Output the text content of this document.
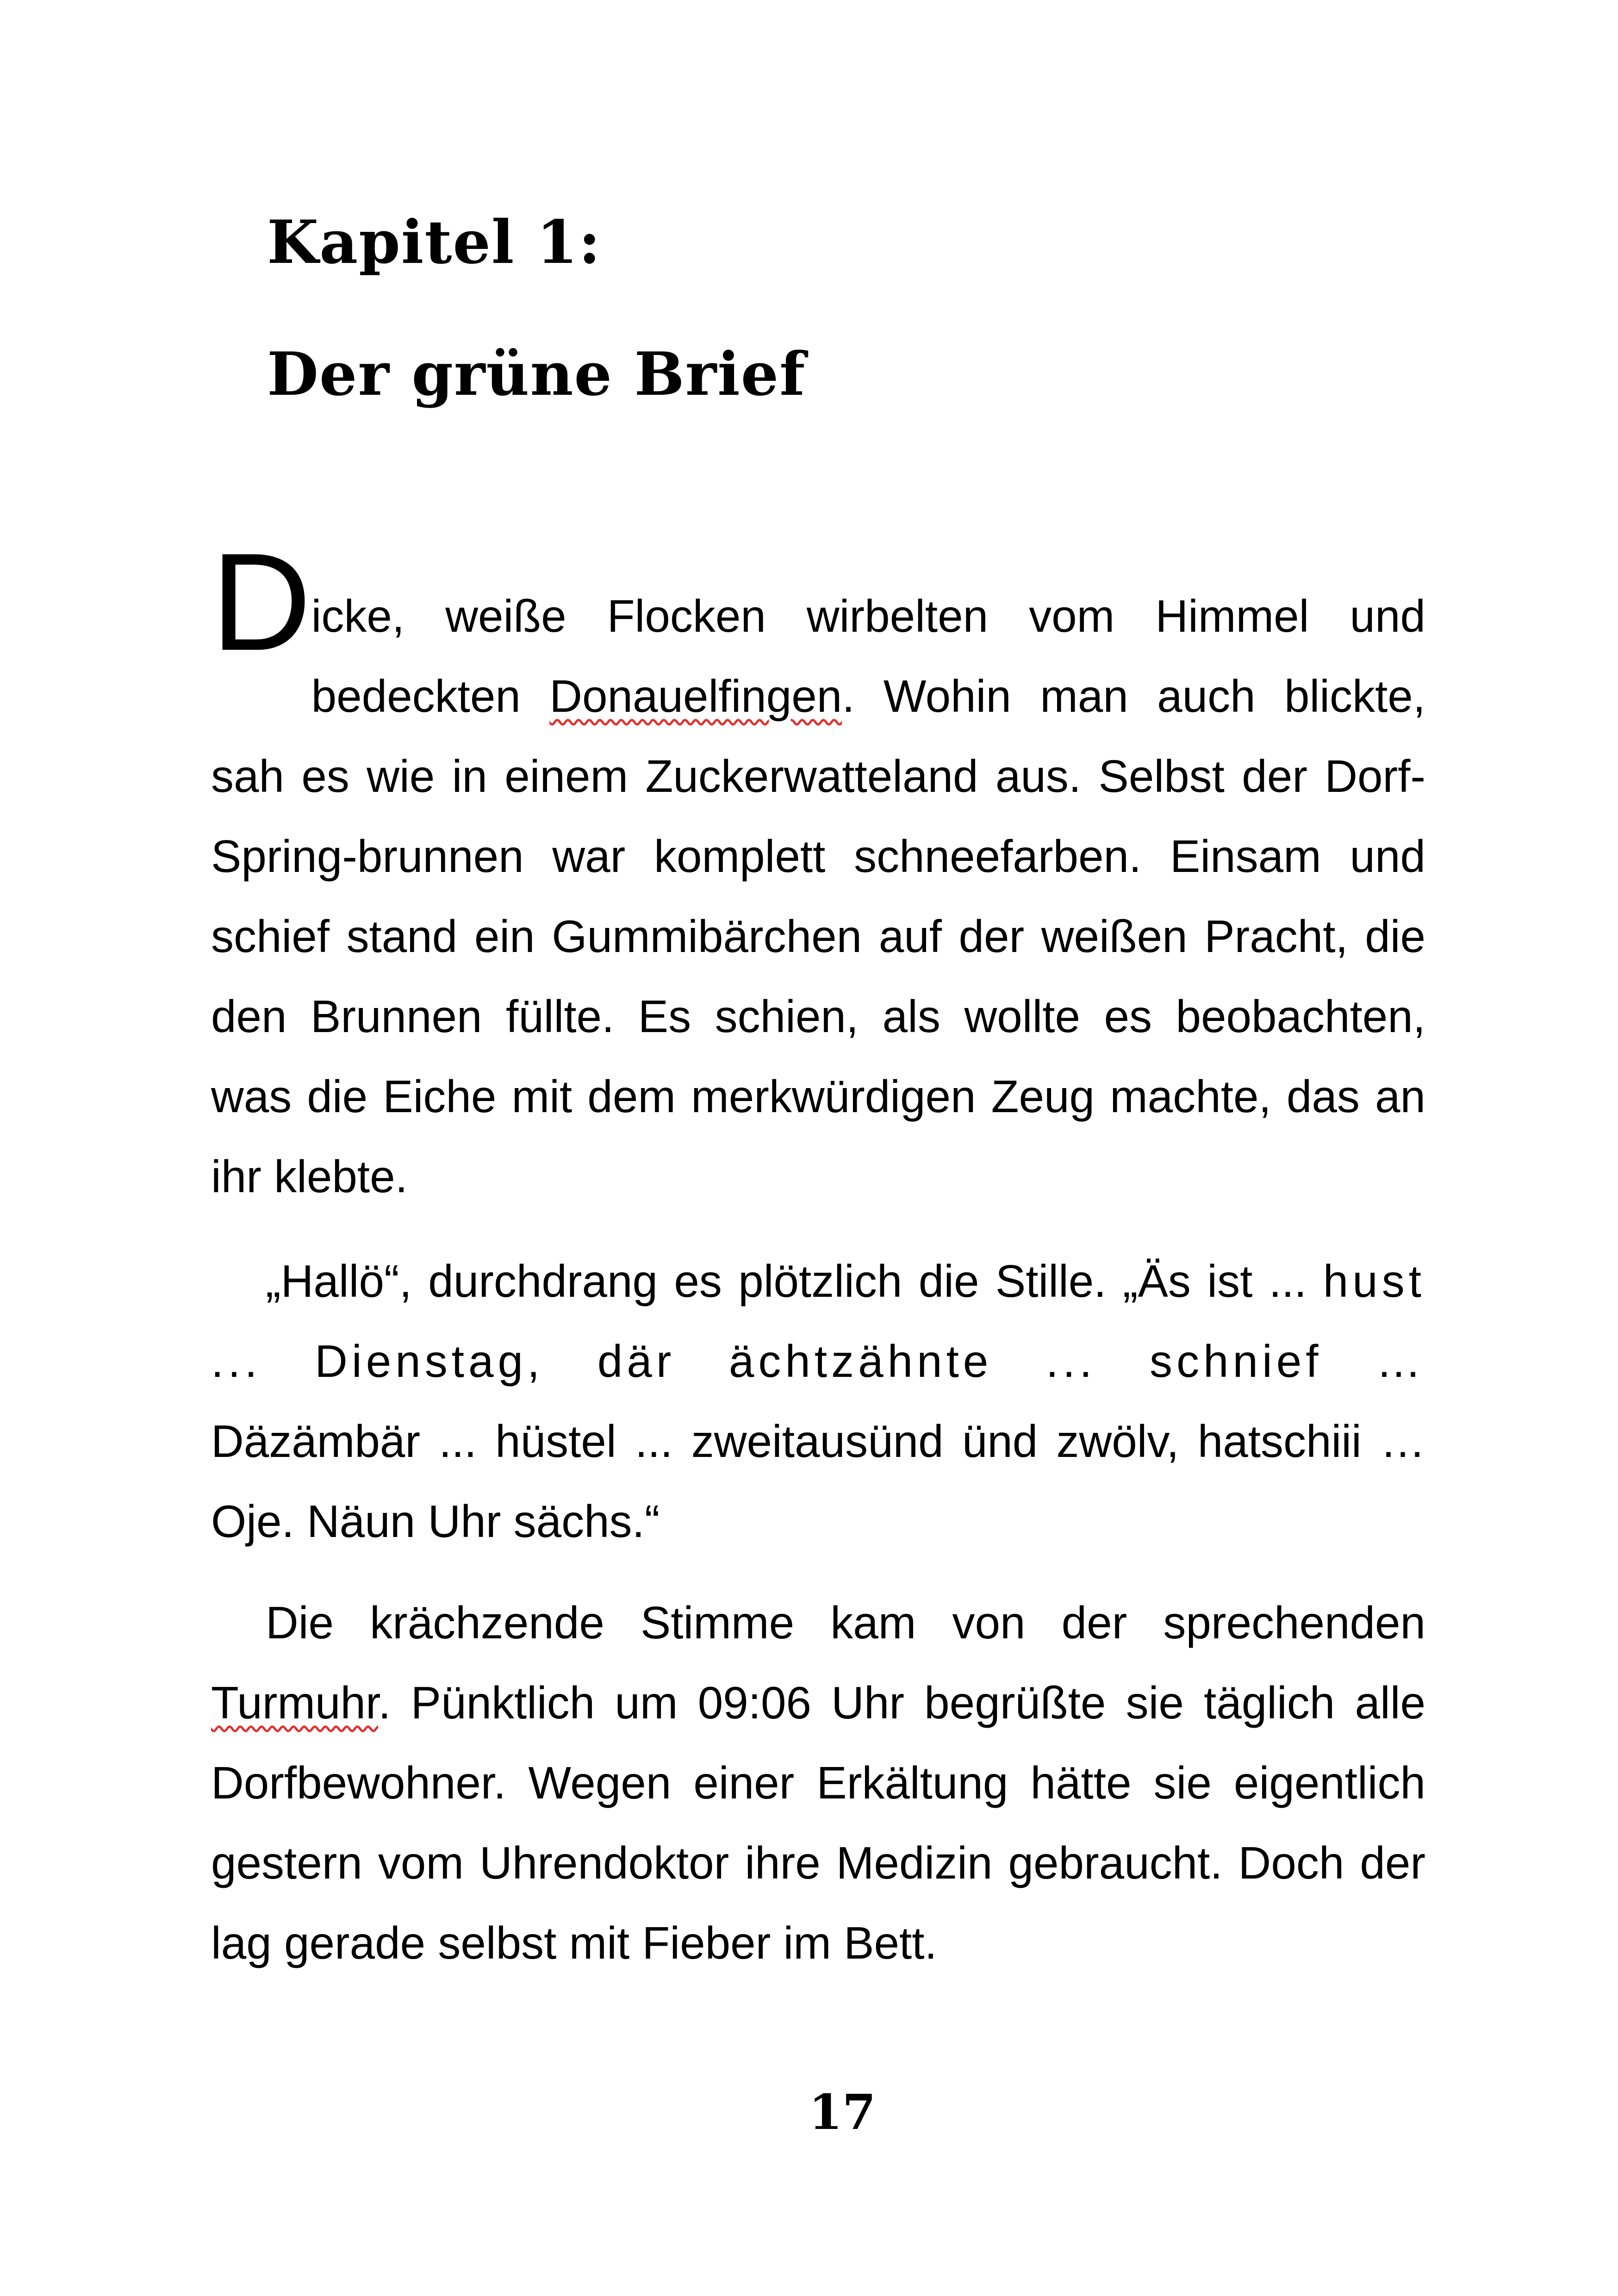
Kapitel 1:
Der grüne Brief

Dicke, weiße Flocken wirbelten vom Himmel und bedeckten Donauelfingen. Wohin man auch blickte, sah es wie in einem Zuckerwatteland aus. Selbst der Dorf-Spring-brunnen war komplett schneefarben. Einsam und schief stand ein Gummibärchen auf der weißen Pracht, die den Brunnen füllte. Es schien, als wollte es beobachten, was die Eiche mit dem merkwürdigen Zeug machte, das an ihr klebte.

„Hallö“, durchdrang es plötzlich die Stille. „Äs ist ... hust ... Dienstag, där ächtzähnte ... schnief … Däzämbär ... hüstel ... zweitausünd ünd zwölv, hatschiii … Oje. Näun Uhr sächs.“

Die krächzende Stimme kam von der sprechenden Turmuhr. Pünktlich um 09:06 Uhr begrüßte sie täglich alle Dorfbewohner. Wegen einer Erkältung hätte sie eigentlich gestern vom Uhrendoktor ihre Medizin gebraucht. Doch der lag gerade selbst mit Fieber im Bett.

17
